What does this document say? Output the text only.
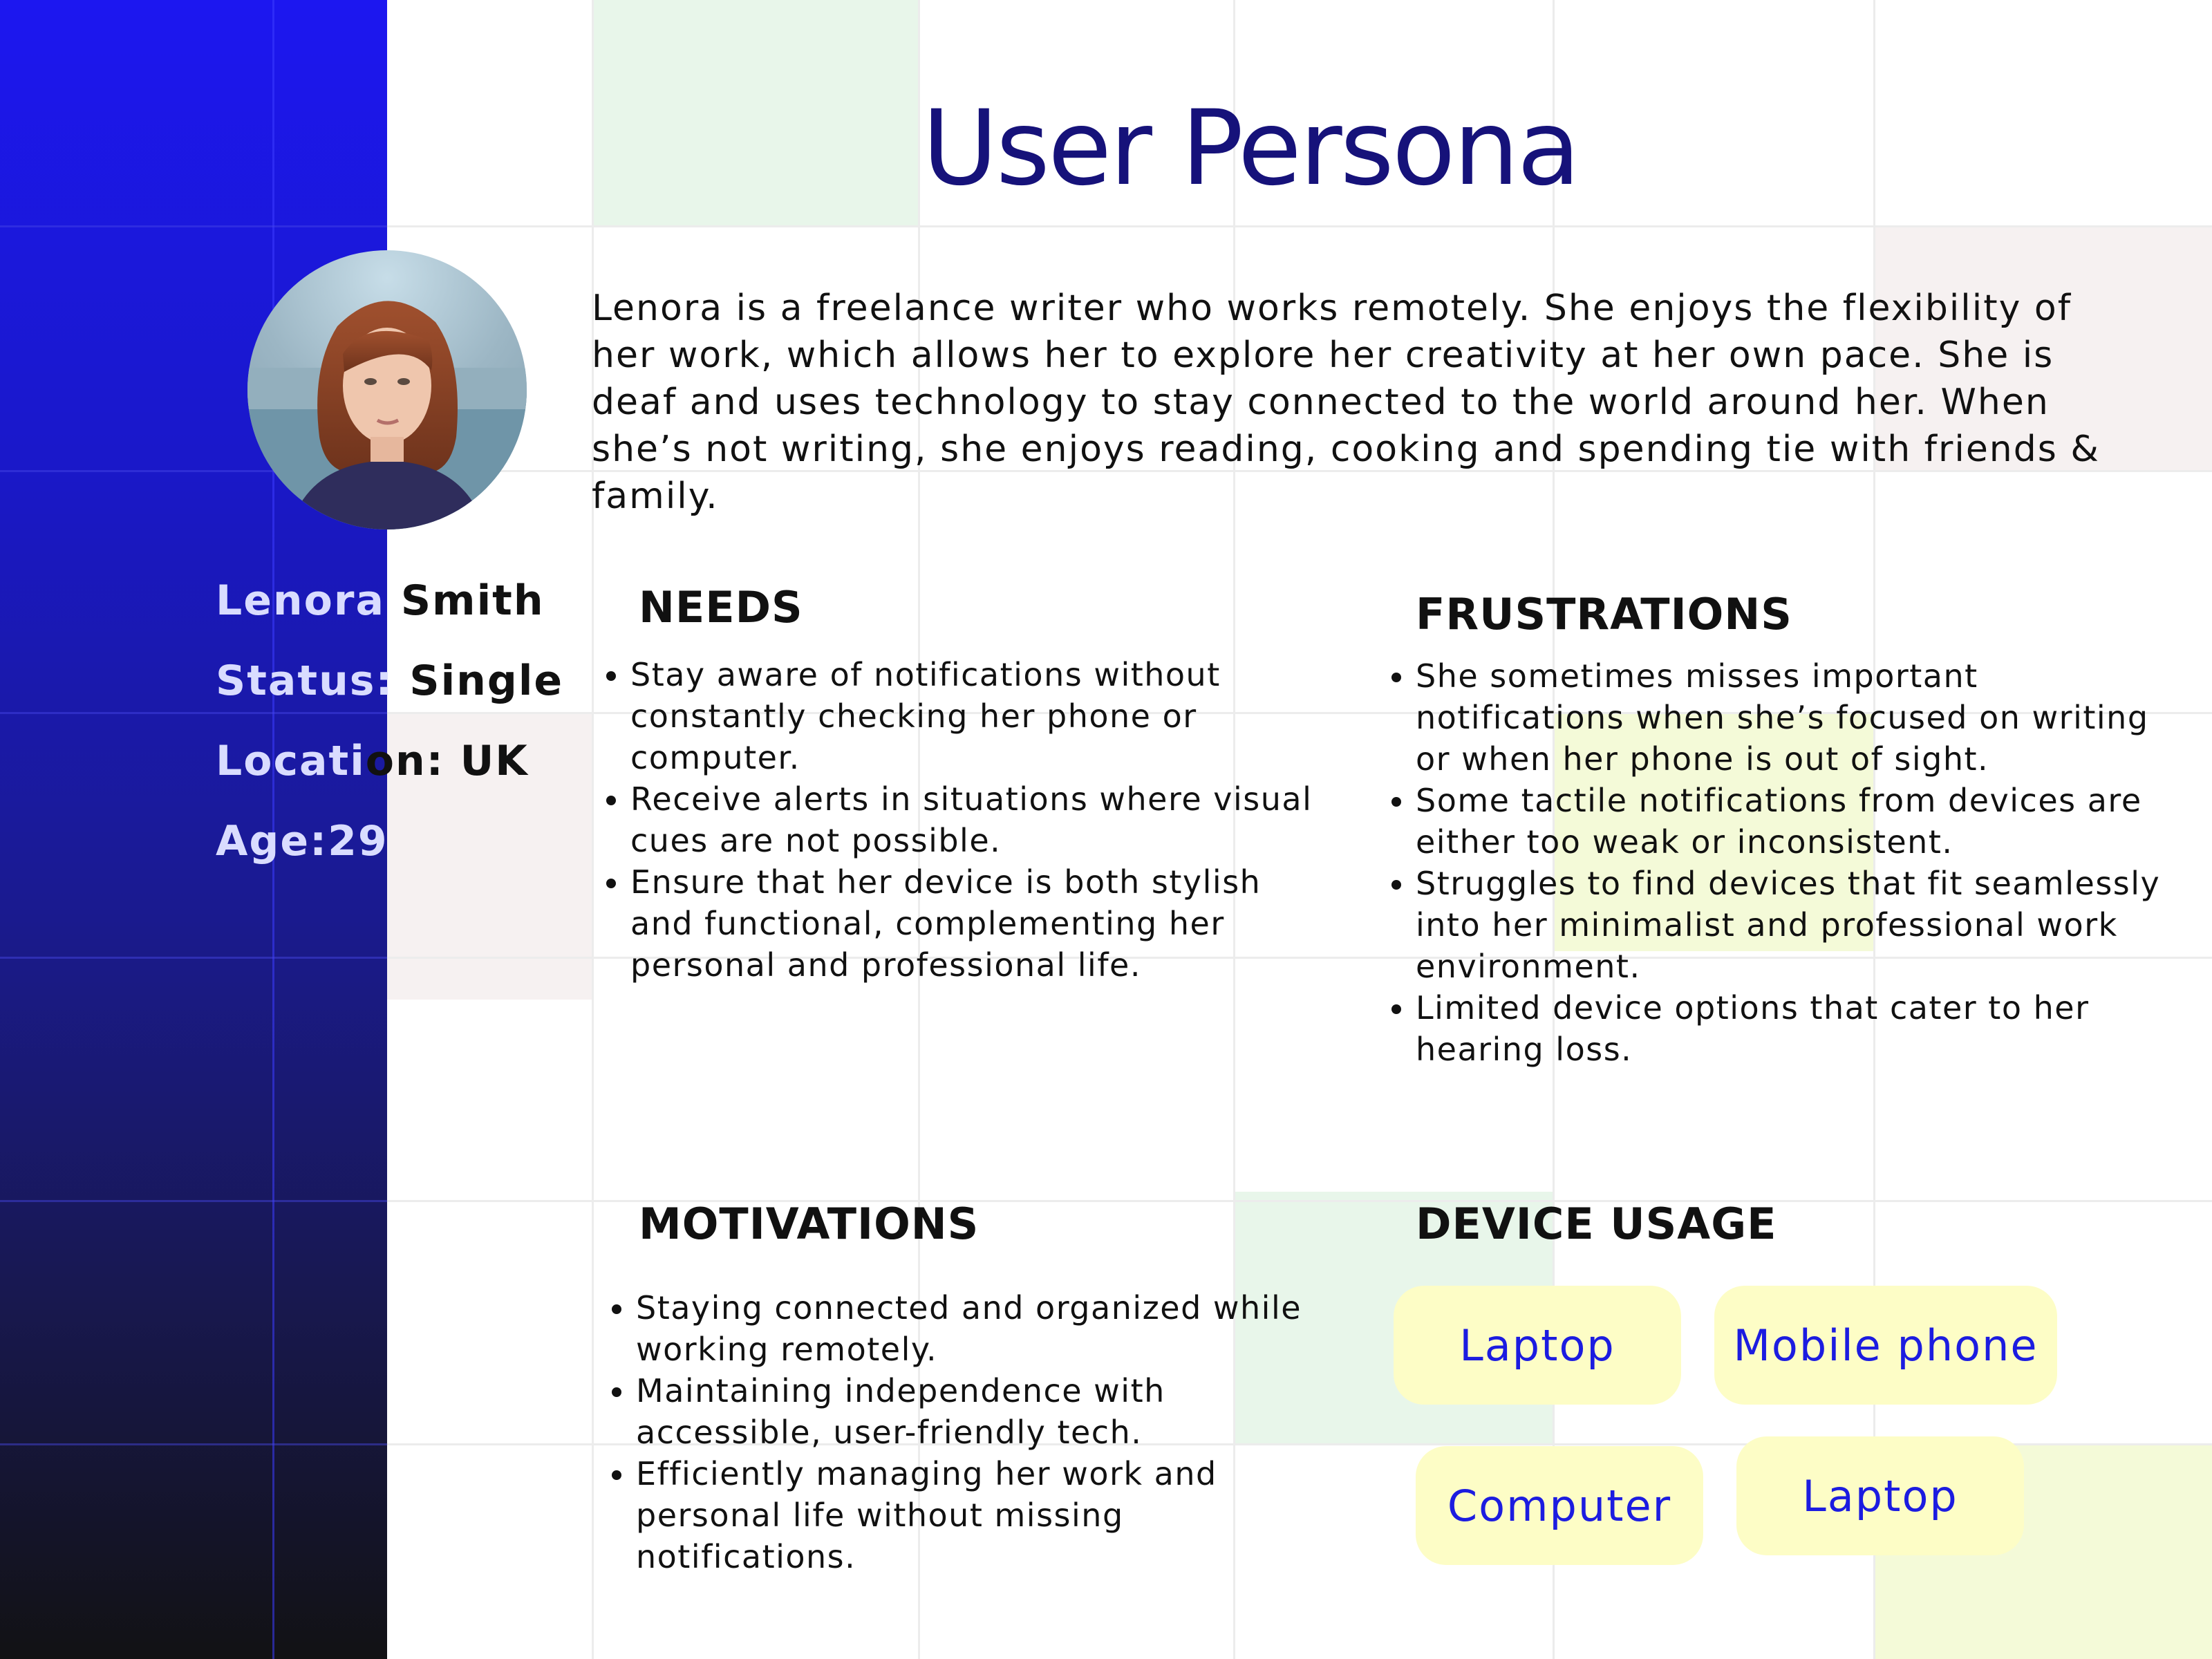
User Persona
Lenora Smith
Status: Single
Location: UK
Age:29

Lenora is a freelance writer who works remotely. She enjoys the flexibility of her work, which allows her to explore her creativity at her own pace. She is deaf and uses technology to stay connected to the world around her. When she’s not writing, she enjoys reading, cooking and spending tie with friends & family.

NEEDS
• Stay aware of notifications without constantly checking her phone or computer.
• Receive alerts in situations where visual cues are not possible.
• Ensure that her device is both stylish and functional, complementing her personal and professional life.
FRUSTRATIONS
• She sometimes misses important notifications when she’s focused on writing or when her phone is out of sight.
• Some tactile notifications from devices are either too weak or inconsistent.
• Struggles to find devices that fit seamlessly into her minimalist and professional work environment.
• Limited device options that cater to her hearing loss.
MOTIVATIONS
• Staying connected and organized while working remotely.
• Maintaining independence with accessible, user-friendly tech.
• Efficiently managing her work and personal life without missing notifications.
DEVICE USAGE
Laptop	Mobile phone
Computer	Laptop
